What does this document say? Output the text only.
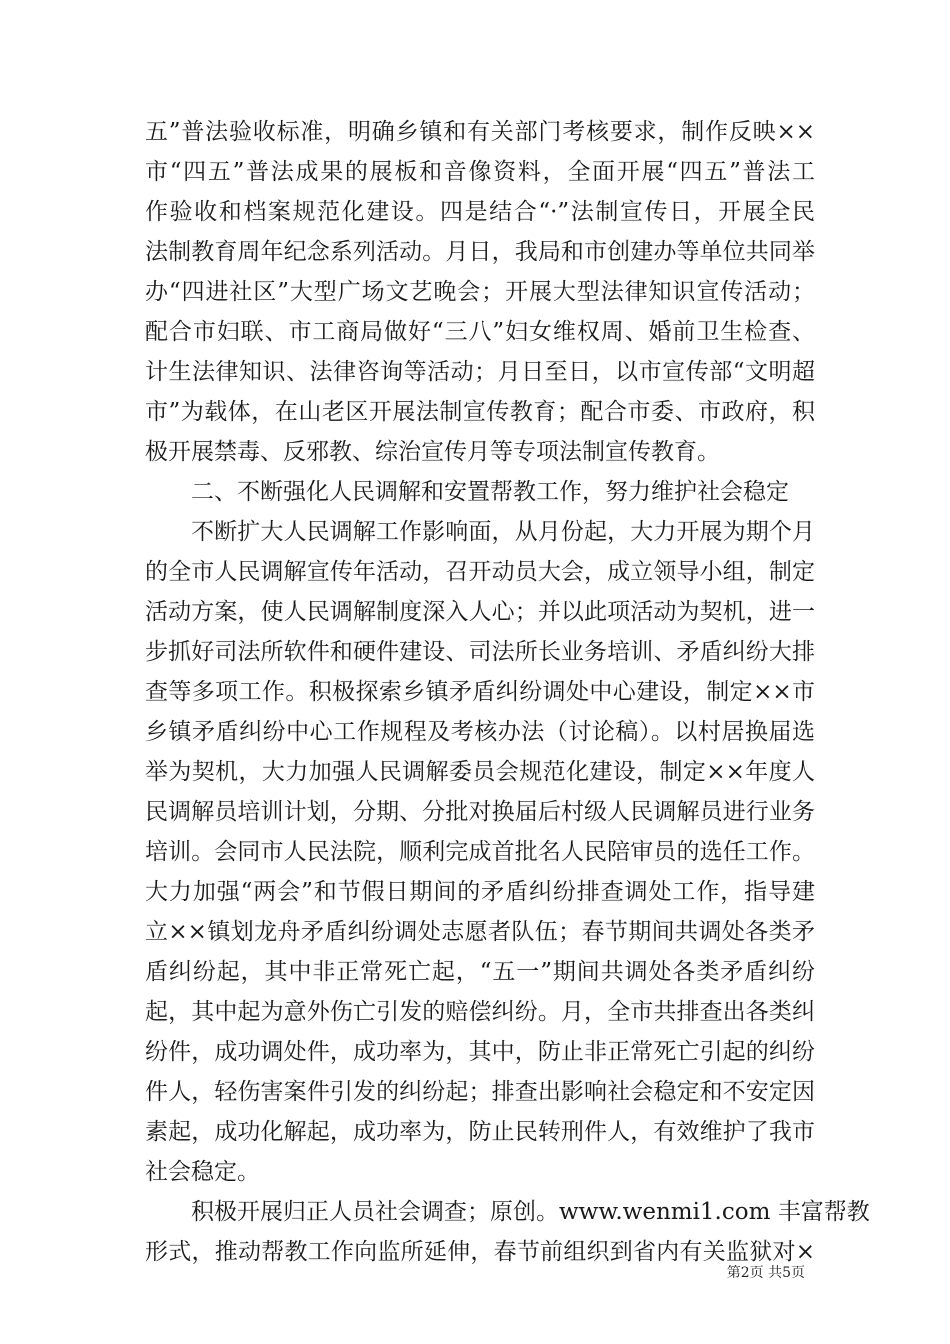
五”普法验收标准，明确乡镇和有关部门考核要求，制作反映××
市“四五”普法成果的展板和音像资料，全面开展“四五”普法工
作验收和档案规范化建设。四是结合“·”法制宣传日，开展全民
法制教育周年纪念系列活动。月日，我局和市创建办等单位共同举
办“四进社区”大型广场文艺晚会；开展大型法律知识宣传活动；
配合市妇联、市工商局做好“三八”妇女维权周、婚前卫生检查、
计生法律知识、法律咨询等活动；月日至日，以市宣传部“文明超
市”为载体，在山老区开展法制宣传教育；配合市委、市政府，积
极开展禁毒、反邪教、综治宣传月等专项法制宣传教育。
二、不断强化人民调解和安置帮教工作，努力维护社会稳定
不断扩大人民调解工作影响面，从月份起，大力开展为期个月
的全市人民调解宣传年活动，召开动员大会，成立领导小组，制定
活动方案，使人民调解制度深入人心；并以此项活动为契机，进一
步抓好司法所软件和硬件建设、司法所长业务培训、矛盾纠纷大排
查等多项工作。积极探索乡镇矛盾纠纷调处中心建设，制定××市
乡镇矛盾纠纷中心工作规程及考核办法（讨论稿）。以村居换届选
举为契机，大力加强人民调解委员会规范化建设，制定××年度人
民调解员培训计划，分期、分批对换届后村级人民调解员进行业务
培训。会同市人民法院，顺利完成首批名人民陪审员的选任工作。
大力加强“两会”和节假日期间的矛盾纠纷排查调处工作，指导建
立××镇划龙舟矛盾纠纷调处志愿者队伍；春节期间共调处各类矛
盾纠纷起，其中非正常死亡起，“五一”期间共调处各类矛盾纠纷
起，其中起为意外伤亡引发的赔偿纠纷。月，全市共排查出各类纠
纷件，成功调处件，成功率为，其中，防止非正常死亡引起的纠纷
件人，轻伤害案件引发的纠纷起；排查出影响社会稳定和不安定因
素起，成功化解起，成功率为，防止民转刑件人，有效维护了我市
社会稳定。
积极开展归正人员社会调查；原创。www.wenmi1.com 丰富帮教
形式，推动帮教工作向监所延伸，春节前组织到省内有关监狱对×
第2页 共5页
